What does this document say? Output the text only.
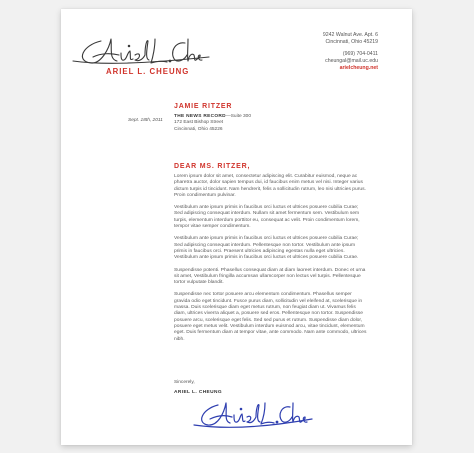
ARIEL L. CHEUNG
9242 Walnut Ave. Apt. 6
Cincinnati, Ohio 45219
(969) 704-0411
cheungal@mail.uc.edu
arielcheung.net
Sept. 18th, 2011
JAMIE RITZER
THE NEWS RECORD—Suite 300
172 East Bishop Street
Cincinnati, Ohio 45226
DEAR MS. RITZER,

Lorem ipsum dolor sit amet, consectetur adipiscing elit. Curabitur euismod, neque ac pharetra auctor, dolor sapien tempus dui, id faucibus enim metus vel nisi. Integer varius dictum turpis id tincidunt. Nam hendrerit, felis a sollicitudin rutrum, leo nisi ultricies purus. Proin condimentum pulvinar.

Vestibulum ante ipsum primis in faucibus orci luctus et ultrices posuere cubilia Curae; Sed adipiscing consequat interdum. Nullam sit amet fermentum sem. Vestibulum sem turpis, elementum interdum porttitor eu, consequat ac velit. Proin condimentum lorem, tempor vitae semper condimentum.

Vestibulum ante ipsum primis in faucibus orci luctus et ultrices posuere cubilia Curae; Sed adipiscing consequat interdum. Pellentesque non tortor. Vestibulum ante ipsum primis in faucibus orci. Praesent ultricies adipiscing egestas nulla eget ultricies. Vestibulum ante ipsum primis in faucibus orci luctus et ultrices posuere cubilia Curae.

Suspendisse potenti. Phasellus consequat diam at diam laoreet interdum. Donec et urna sit amet, Vestibulum fringilla accumsan ullamcorper non lectus vel turpis. Pellentesque tortor vulputate blandit.

Suspendisse nec tortor posuere arcu elementum condimentum. Phasellus semper gravida odio eget tincidunt. Fusce purus diam, sollicitudin vel eleifend at, scelerisque in massa. Duis scelerisque diam eget metus rutrum, non feugiat diam ut. Vivamus felis diam, ultrices viverra aliquet a, posuere sed eros. Pellentesque non tortor. Suspendisse posuere arcu, scelerisque eget felis. Sed sed purus et rutrum. Suspendisse diam dolor, posuere eget metus velit. Vestibulum interdum euismod arcu, vitae tincidunt, elementum eget. Duis fermentum diam at tempor vitae, ante commodo. Nam ante commodo, ultrices nibh.

Sincerely,
ARIEL L. CHEUNG
